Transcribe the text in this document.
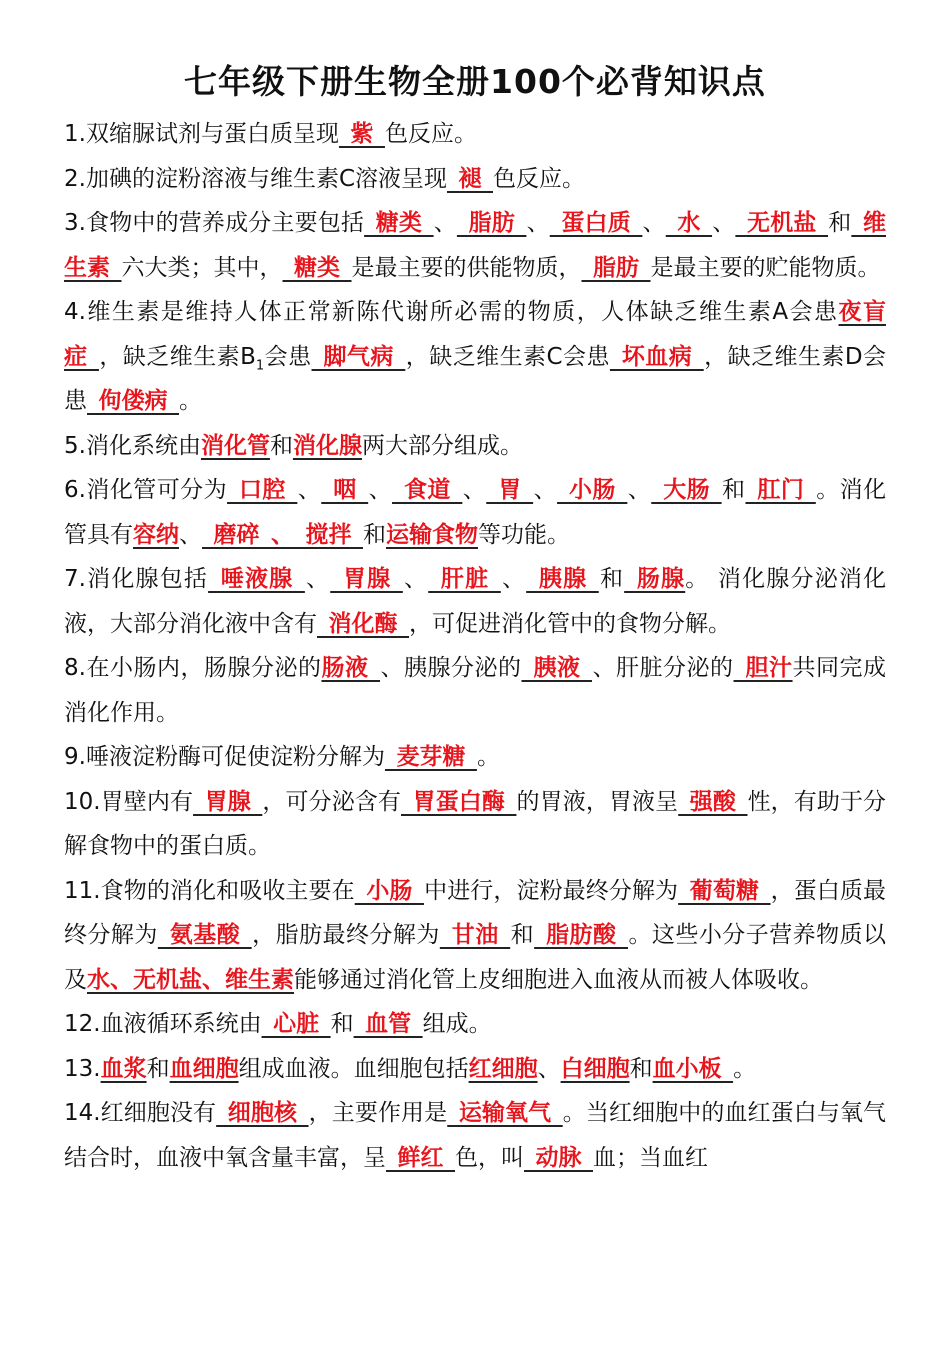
七年级下册生物全册100个必背知识点

1.双缩脲试剂与蛋白质呈现 紫 色反应。

2.加碘的淀粉溶液与维生素C溶液呈现 褪 色反应。

3.食物中的营养成分主要包括 糖类 、 脂肪 、 蛋白质 、 水 、 无机盐 和 维生素 六大类；其中， 糖类 是最主要的供能物质， 脂肪 是最主要的贮能物质。

4.维生素是维持人体正常新陈代谢所必需的物质，人体缺乏维生素A会患夜盲症 ，缺乏维生素$B_1$会患 脚气病 ，缺乏维生素C会患 坏血病 ，缺乏维生素D会患 佝偻病 。

5.消化系统由消化管和消化腺两大部分组成。

6.消化管可分为 口腔 、 咽 、 食道 、 胃 、 小肠 、 大肠 和 肛门 。消化管具有容纳、 磨碎 、 搅拌 和运输食物等功能。

7.消化腺包括 唾液腺 、 胃腺 、 肝脏 、 胰腺 和 肠腺。 消化腺分泌消化液，大部分消化液中含有 消化酶 ，可促进消化管中的食物分解。

8.在小肠内，肠腺分泌的肠液 、胰腺分泌的 胰液 、肝脏分泌的 胆汁共同完成消化作用。

9.唾液淀粉酶可促使淀粉分解为 麦芽糖 。

10.胃壁内有 胃腺 ，可分泌含有 胃蛋白酶 的胃液，胃液呈 强酸 性，有助于分解食物中的蛋白质。

11.食物的消化和吸收主要在 小肠 中进行，淀粉最终分解为 葡萄糖 ，蛋白质最终分解为 氨基酸 ，脂肪最终分解为 甘油 和 脂肪酸 。这些小分子营养物质以及水、无机盐、维生素能够通过消化管上皮细胞进入血液从而被人体吸收。

12.血液循环系统由 心脏 和 血管 组成。

13.血浆和血细胞组成血液。血细胞包括红细胞、白细胞和血小板 。

14.红细胞没有 细胞核 ，主要作用是 运输氧气 。当红细胞中的血红蛋白与氧气结合时，血液中氧含量丰富，呈 鲜红 色，叫 动脉 血；当血红
